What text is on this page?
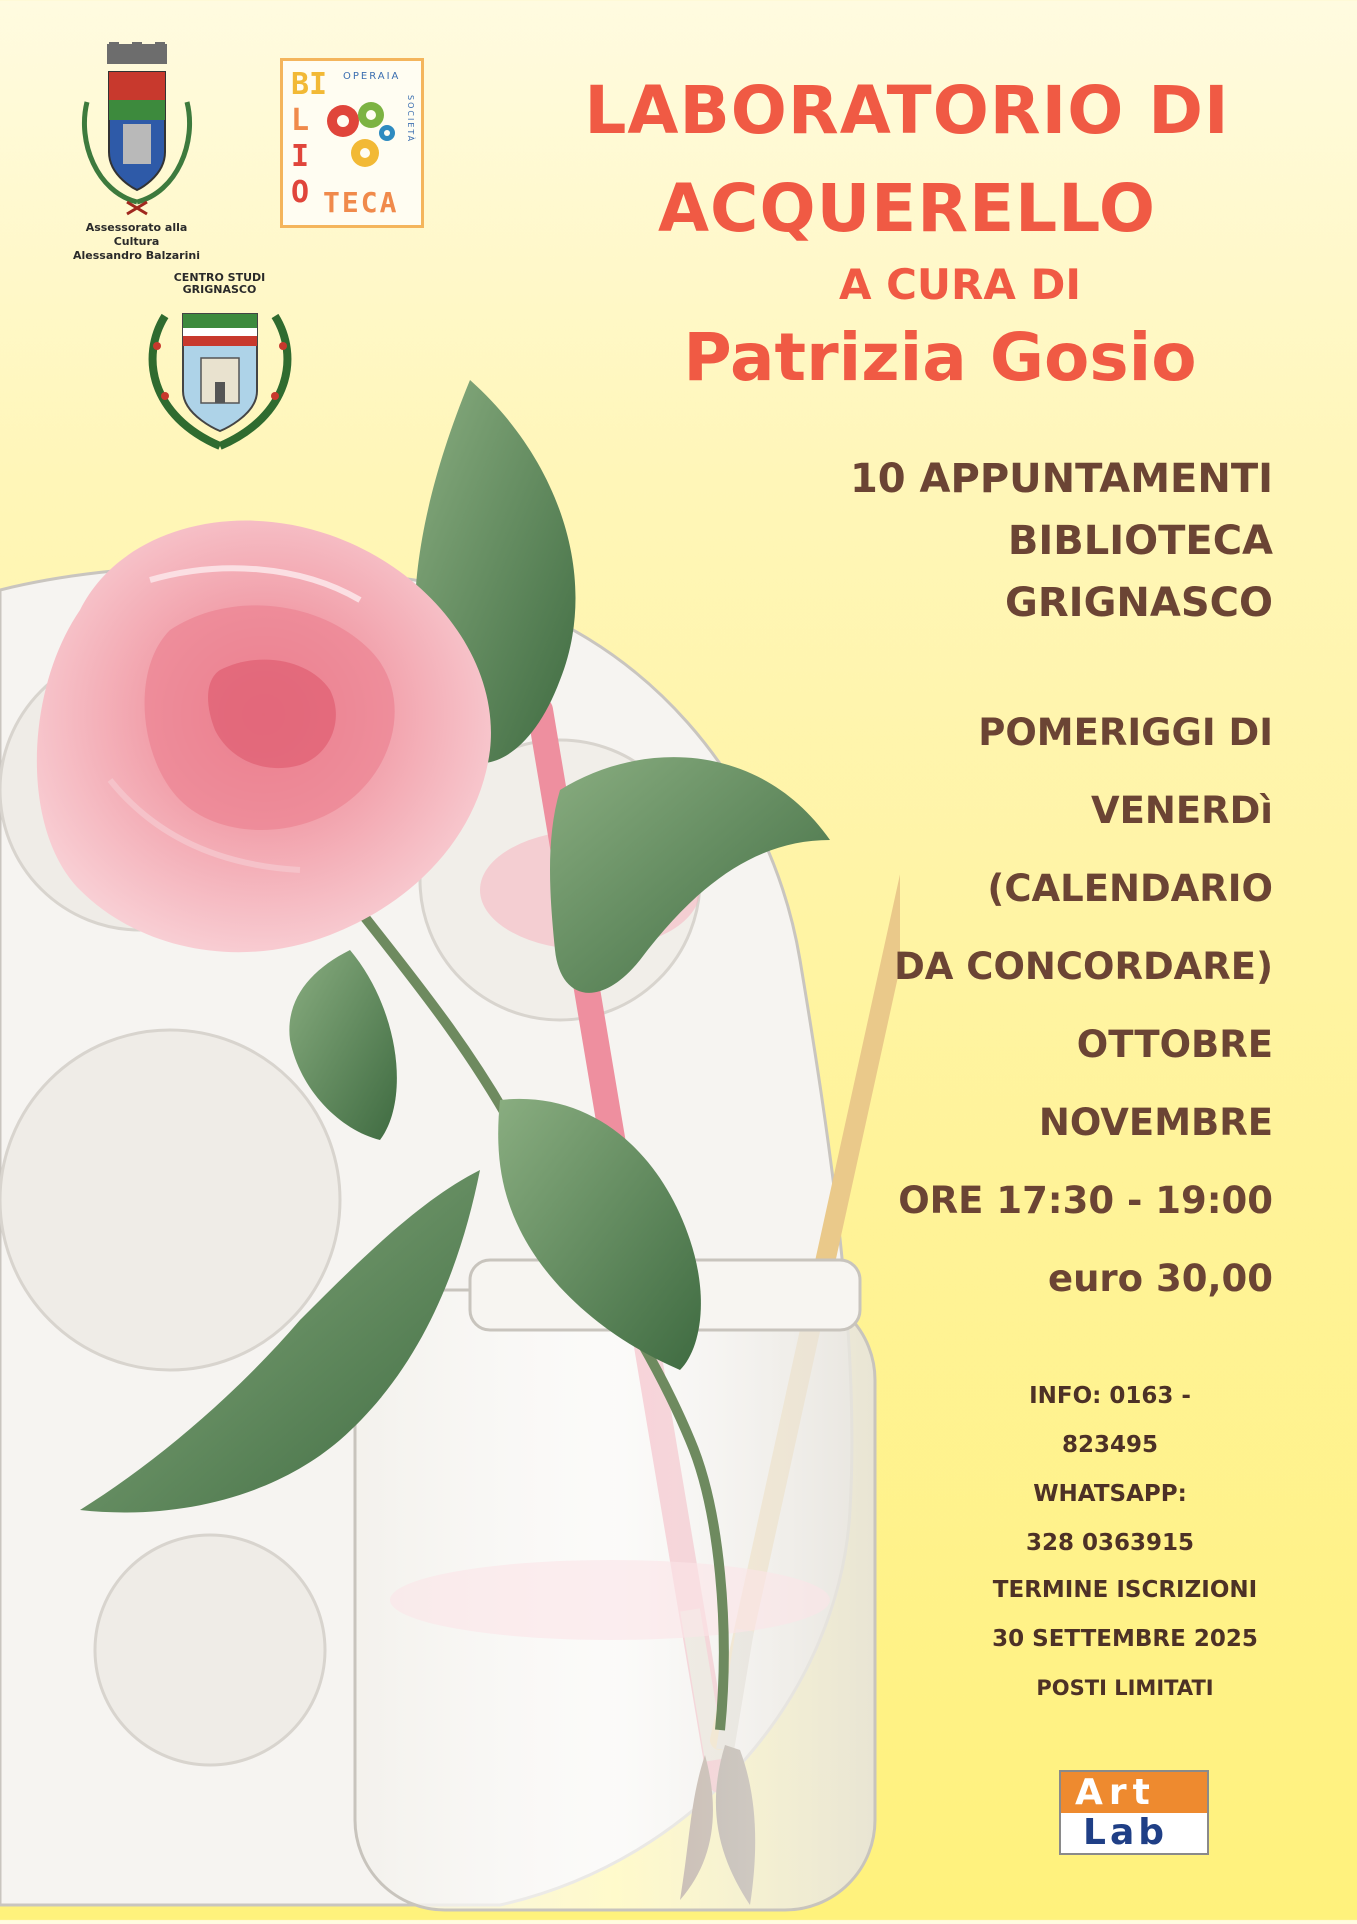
Assessorato alla Cultura
Alessandro Balzarini
BI
L
I
O
OPERAIA
SOCIETÀ
TECA
CENTRO STUDI GRIGNASCO
LABORATORIO DI
ACQUERELLO
A CURA DI
Patrizia Gosio
10 APPUNTAMENTI
BIBLIOTECA
GRIGNASCO
POMERIGGI DI
VENERDì
(CALENDARIO
DA CONCORDARE)
OTTOBRE
NOVEMBRE
ORE 17:30 - 19:00
euro 30,00
INFO: 0163 - 823495
WHATSAPP:
328 0363915
TERMINE ISCRIZIONI
30 SETTEMBRE 2025
POSTI LIMITATI
Art
Lab
